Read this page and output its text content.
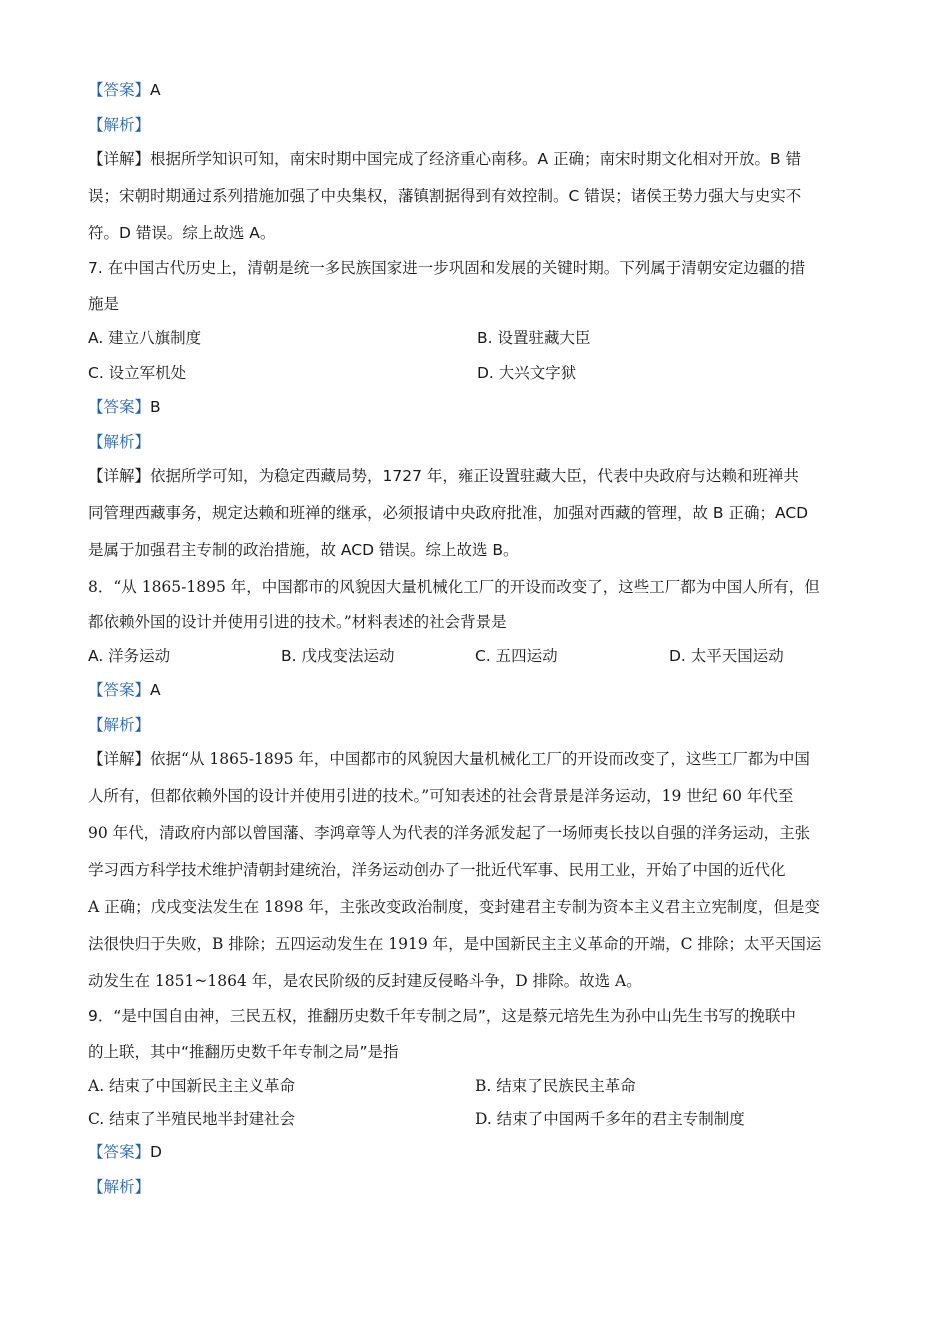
【答案】A
【解析】
【详解】根据所学知识可知，南宋时期中国完成了经济重心南移。A 正确；南宋时期文化相对开放。B 错
误；宋朝时期通过系列措施加强了中央集权，藩镇割据得到有效控制。C 错误；诸侯王势力强大与史实不
符。D 错误。综上故选 A。
7. 在中国古代历史上，清朝是统一多民族国家进一步巩固和发展的关键时期。下列属于清朝安定边疆的措
施是
A. 建立八旗制度	B. 设置驻藏大臣
C. 设立军机处	D. 大兴文字狱
【答案】B
【解析】
【详解】依据所学可知，为稳定西藏局势，1727 年，雍正设置驻藏大臣，代表中央政府与达赖和班禅共
同管理西藏事务，规定达赖和班禅的继承，必须报请中央政府批准，加强对西藏的管理，故 B 正确；ACD
是属于加强君主专制的政治措施，故 ACD 错误。综上故选 B。
8．“从 1865-1895 年，中国都市的风貌因大量机械化工厂的开设而改变了，这些工厂都为中国人所有，但
都依赖外国的设计并使用引进的技术。”材料表述的社会背景是
A. 洋务运动	B. 戊戌变法运动	C. 五四运动	D. 太平天国运动
【答案】A
【解析】
【详解】依据“从 1865-1895 年，中国都市的风貌因大量机械化工厂的开设而改变了，这些工厂都为中国
人所有，但都依赖外国的设计并使用引进的技术。”可知表述的社会背景是洋务运动，19 世纪 60 年代至
90 年代，清政府内部以曾国藩、李鸿章等人为代表的洋务派发起了一场师夷长技以自强的洋务运动，主张
学习西方科学技术维护清朝封建统治，洋务运动创办了一批近代军事、民用工业，开始了中国的近代化
A 正确；戊戌变法发生在 1898 年，主张改变政治制度，变封建君主专制为资本主义君主立宪制度，但是变
法很快归于失败，B 排除；五四运动发生在 1919 年，是中国新民主主义革命的开端，C 排除；太平天国运
动发生在 1851~1864 年，是农民阶级的反封建反侵略斗争，D 排除。故选 A。
9．“是中国自由神，三民五权，推翻历史数千年专制之局”，这是蔡元培先生为孙中山先生书写的挽联中
的上联，其中“推翻历史数千年专制之局”是指
A. 结束了中国新民主主义革命	B. 结束了民族民主革命
C. 结束了半殖民地半封建社会	D. 结束了中国两千多年的君主专制制度
【答案】D
【解析】
